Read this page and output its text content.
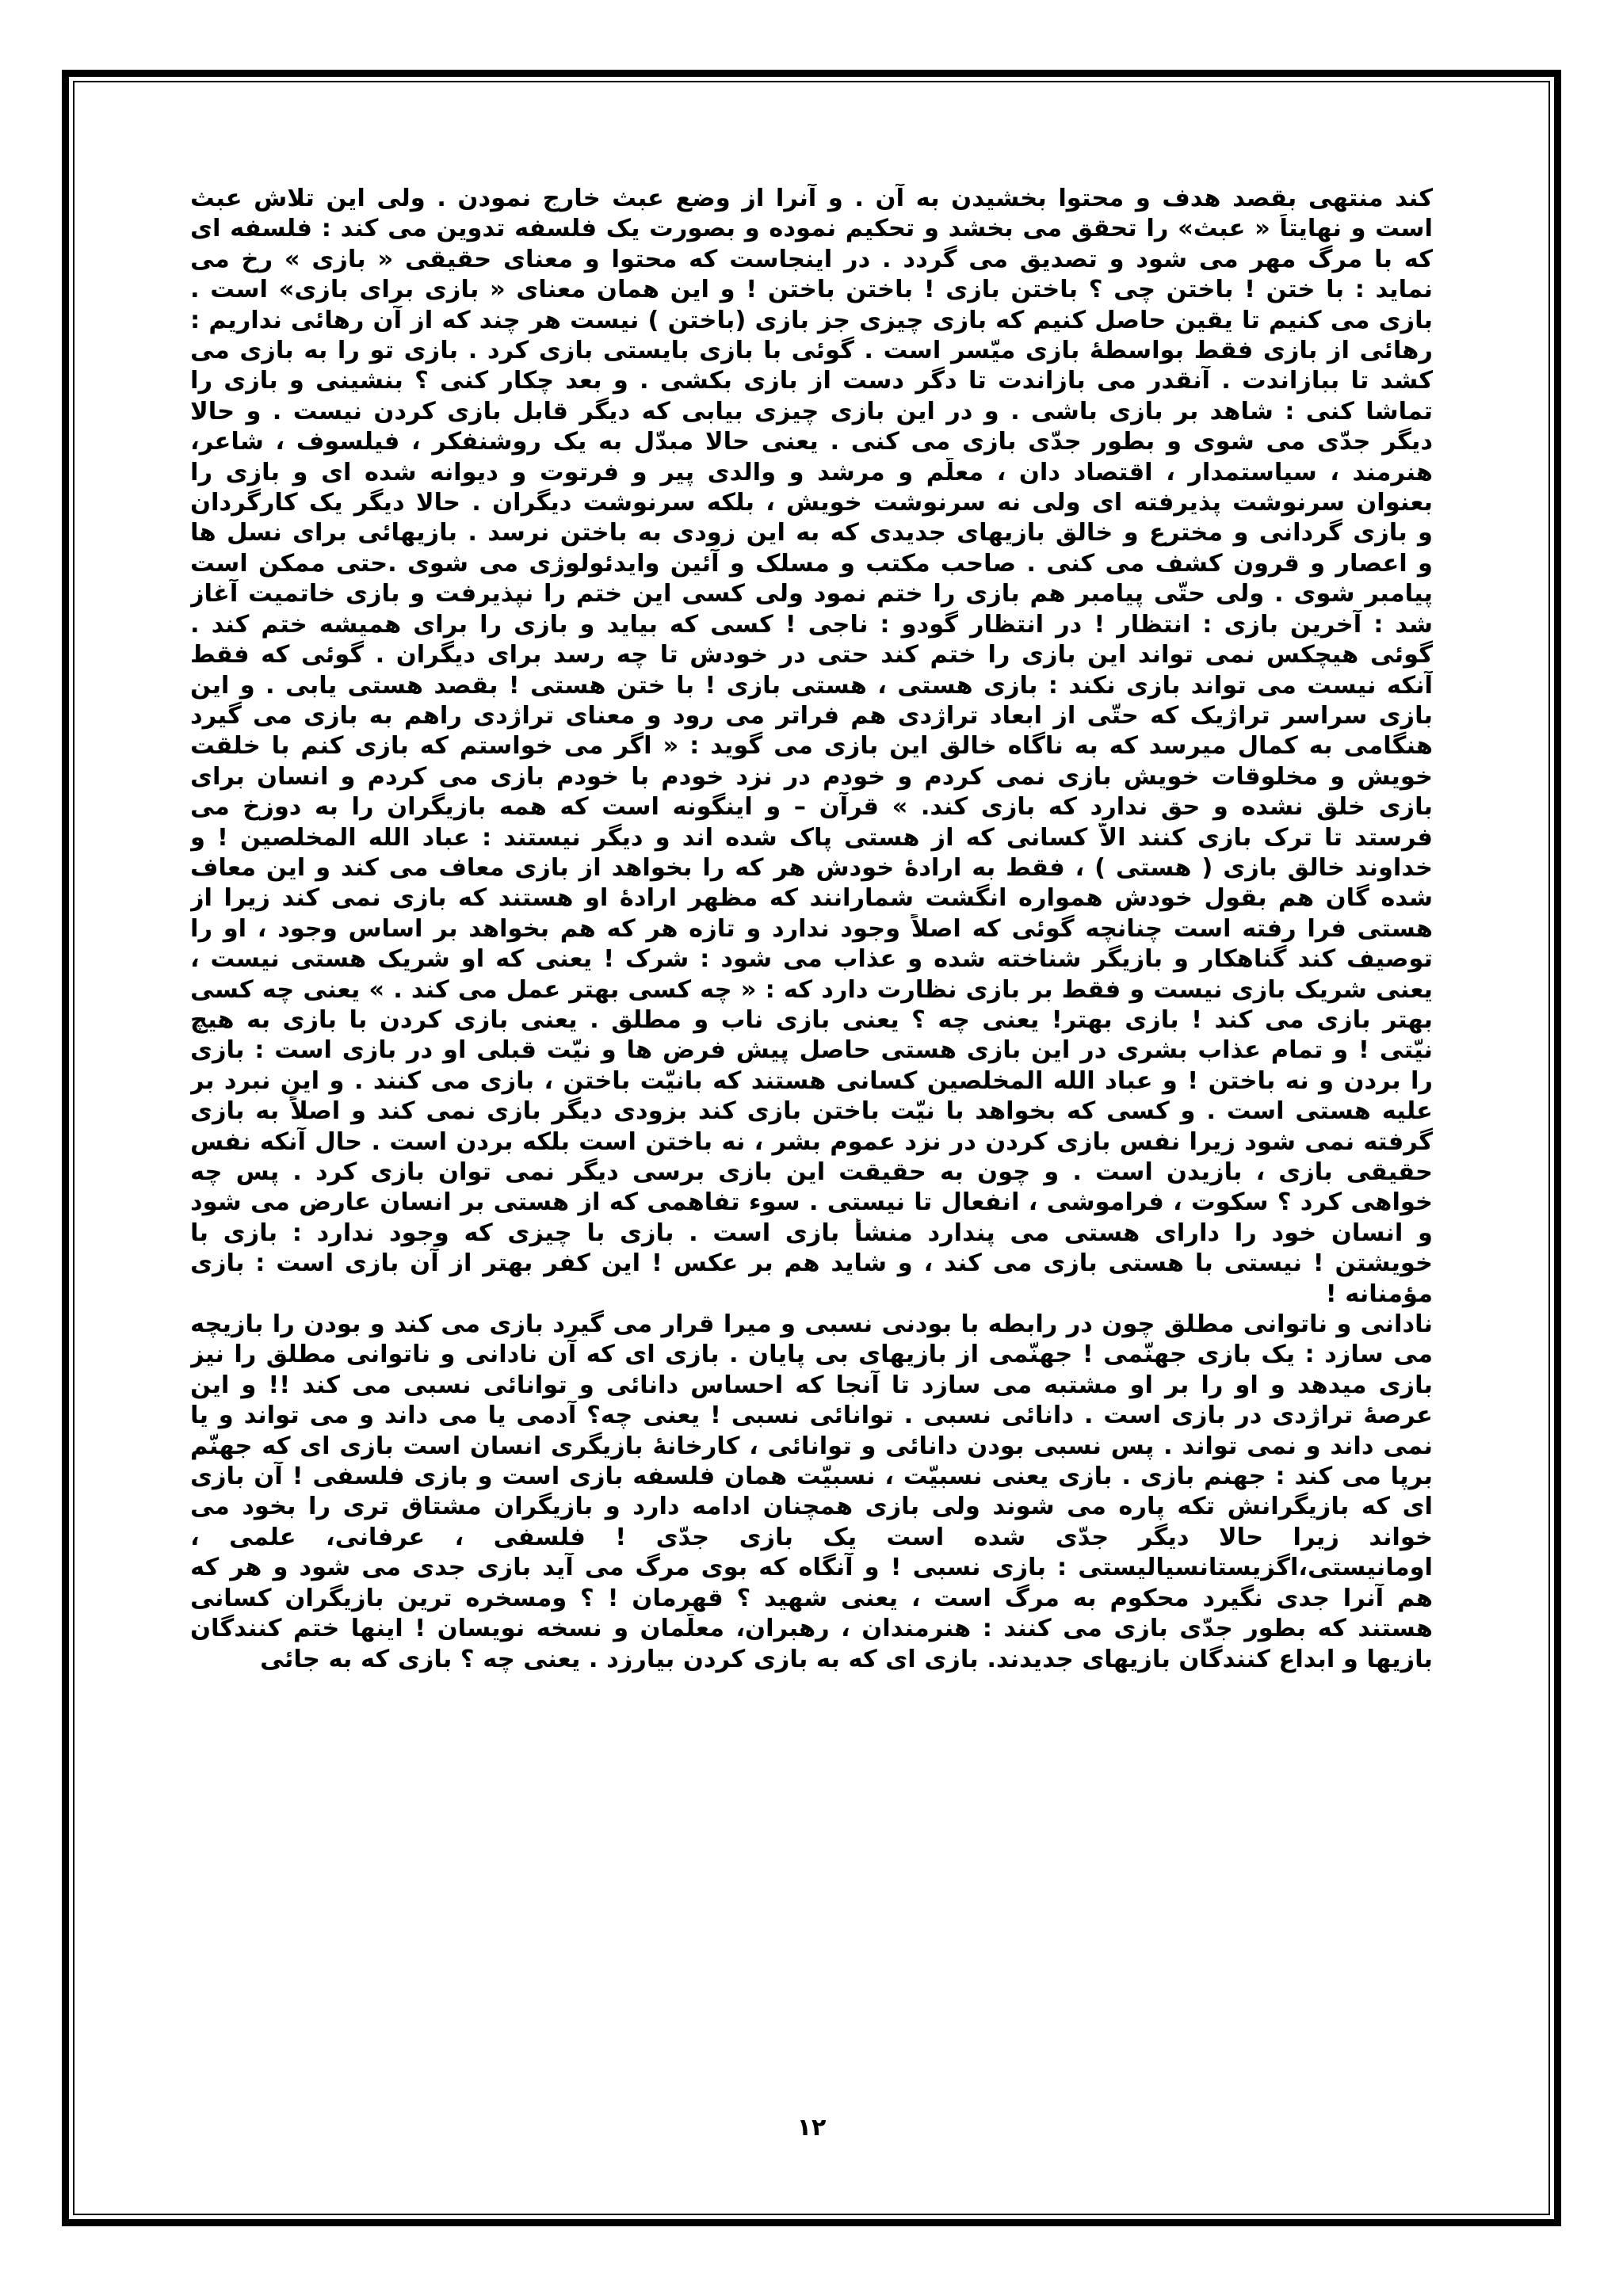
کند منتهی بقصد هدف و محتوا بخشیدن به آن . و آنرا از وضع عبث خارج نمودن . ولی این تلاش عبث
است و نهایتاً « عبث» را تحقق می بخشد و تحکیم نموده و بصورت یک فلسفه تدوین می کند : فلسفه ای
که با مرگ مهر می شود و تصدیق می گردد . در اینجاست که محتوا و معنای حقیقی « بازی » رخ می
نماید : با ختن ! باختن چی ؟ باختن بازی ! باختن باختن ! و این همان معنای « بازی برای بازی» است .
بازی می کنیم تا یقین حاصل کنیم که بازی چیزی جز بازی (باختن ) نیست هر چند که از آن رهائی نداریم :
رهائی از بازی فقط بواسطهٔ بازی میّسر است . گوئی با بازی بایستی بازی کرد . بازی تو را به بازی می
کشد تا ببازاندت . آنقدر می بازاندت تا دگر دست از بازی بکشی . و بعد چکار کنی ؟ بنشینی و بازی را
تماشا کنی : شاهد بر بازی باشی . و در این بازی چیزی بیابی که دیگر قابل بازی کردن نیست . و حالا
دیگر جدّی می شوی و بطور جدّی بازی می کنی . یعنی حالا مبدّل به یک روشنفکر ، فیلسوف ، شاعر،
هنرمند ، سیاستمدار ، اقتصاد دان ، معلّم و مرشد و والدی پیر و فرتوت و دیوانه شده ای و بازی را
بعنوان سرنوشت پذیرفته ای ولی نه سرنوشت خویش ، بلکه سرنوشت دیگران . حالا دیگر یک کارگردان
و بازی گردانی و مخترع و خالق بازیهای جدیدی که به این زودی به باختن نرسد . بازیهائی برای نسل ها
و اعصار و قرون کشف می کنی . صاحب مکتب و مسلک و آئین وایدئولوژی می شوی .حتی ممکن است
پیامبر شوی . ولی حتّی پیامبر هم بازی را ختم نمود ولی کسی این ختم را نپذیرفت و بازی خاتمیت آغاز
شد : آخرین بازی : انتظار ! در انتظار گودو : ناجی ! کسی که بیاید و بازی را برای همیشه ختم کند .
گوئی هیچکس نمی تواند این بازی را ختم کند حتی در خودش تا چه رسد برای دیگران . گوئی که فقط
آنکه نیست می تواند بازی نکند : بازی هستی ، هستی بازی ! با ختن هستی ! بقصد هستی یابی . و این
بازی سراسر تراژیک که حتّی از ابعاد تراژدی هم فراتر می رود و معنای تراژدی راهم به بازی می گیرد
هنگامی به کمال میرسد که به ناگاه خالق این بازی می گوید : « اگر می خواستم که بازی کنم با خلقت
خویش و مخلوقات خویش بازی نمی کردم و خودم در نزد خودم با خودم بازی می کردم و انسان برای
بازی خلق نشده و حق ندارد که بازی کند. » قرآن – و اینگونه است که همه بازیگران را به دوزخ می
فرستد تا ترک بازی کنند الاّ کسانی که از هستی پاک شده اند و دیگر نیستند : عباد الله المخلصین ! و
خداوند خالق بازی ( هستی ) ، فقط به ارادهٔ خودش هر که را بخواهد از بازی معاف می کند و این معاف
شده گان هم بقول خودش همواره انگشت شمارانند که مظهر ارادهٔ او هستند که بازی نمی کند زیرا از
هستی فرا رفته است چنانچه گوئی که اصلاً وجود ندارد و تازه هر که هم بخواهد بر اساس وجود ، او را
توصیف کند گناهکار و بازیگر شناخته شده و عذاب می شود : شرک ! یعنی که او شریک هستی نیست ،
یعنی شریک بازی نیست و فقط بر بازی نظارت دارد که : « چه کسی بهتر عمل می کند . » یعنی چه کسی
بهتر بازی می کند ! بازی بهتر! یعنی چه ؟ یعنی بازی ناب و مطلق . یعنی بازی کردن با بازی به هیچ
نیّتی ! و تمام عذاب بشری در این بازی هستی حاصل پیش فرض ها و نیّت قبلی او در بازی است : بازی
را بردن و نه باختن ! و عباد الله المخلصین کسانی هستند که بانیّت باختن ، بازی می کنند . و این نبرد بر
علیه هستی است . و کسی که بخواهد با نیّت باختن بازی کند بزودی دیگر بازی نمی کند و اصلاً به بازی
گرفته نمی شود زیرا نفس بازی کردن در نزد عموم بشر ، نه باختن است بلکه بردن است . حال آنکه نفس
حقیقی بازی ، بازیدن است . و چون به حقیقت این بازی برسی دیگر نمی توان بازی کرد . پس چه
خواهی کرد ؟ سکوت ، فراموشی ، انفعال تا نیستی . سوء تفاهمی که از هستی بر انسان عارض می شود
و انسان خود را دارای هستی می پندارد منشأ بازی است . بازی با چیزی که وجود ندارد : بازی با
خویشتن ! نیستی با هستی بازی می کند ، و شاید هم بر عکس ! این کفر بهتر از آن بازی است : بازی
مؤمنانه !

نادانی و ناتوانی مطلق چون در رابطه با بودنی نسبی و میرا قرار می گیرد بازی می کند و بودن را بازیچه
می سازد : یک بازی جهنّمی ! جهنّمی از بازیهای بی پایان . بازی ای که آن نادانی و ناتوانی مطلق را نیز
بازی میدهد و او را بر او مشتبه می سازد تا آنجا که احساس دانائی و توانائی نسبی می کند !! و این
عرصهٔ تراژدی در بازی است . دانائی نسبی . توانائی نسبی ! یعنی چه؟ آدمی یا می داند و می تواند و یا
نمی داند و نمی تواند . پس نسبی بودن دانائی و توانائی ، کارخانهٔ بازیگری انسان است بازی ای که جهنّم
برپا می کند : جهنم بازی . بازی یعنی نسبیّت ، نسبیّت همان فلسفه بازی است و بازی فلسفی ! آن بازی
ای که بازیگرانش تکه پاره می شوند ولی بازی همچنان ادامه دارد و بازیگران مشتاق تری را بخود می
خواند زیرا حالا دیگر جدّی شده است یک بازی جدّی ! فلسفی ، عرفانی، علمی ،
اومانیستی،اگزیستانسیالیستی : بازی نسبی ! و آنگاه که بوی مرگ می آید بازی جدی می شود و هر که
هم آنرا جدی نگیرد محکوم به مرگ است ، یعنی شهید ؟ قهرمان ! ؟ ومسخره ترین بازیگران کسانی
هستند که بطور جدّی بازی می کنند : هنرمندان ، رهبران، معلّمان و نسخه نویسان ! اینها ختم کنندگان
بازیها و ابداع کنندگان بازیهای جدیدند. بازی ای که به بازی کردن بیارزد . یعنی چه ؟ بازی که به جائی

۱۲
